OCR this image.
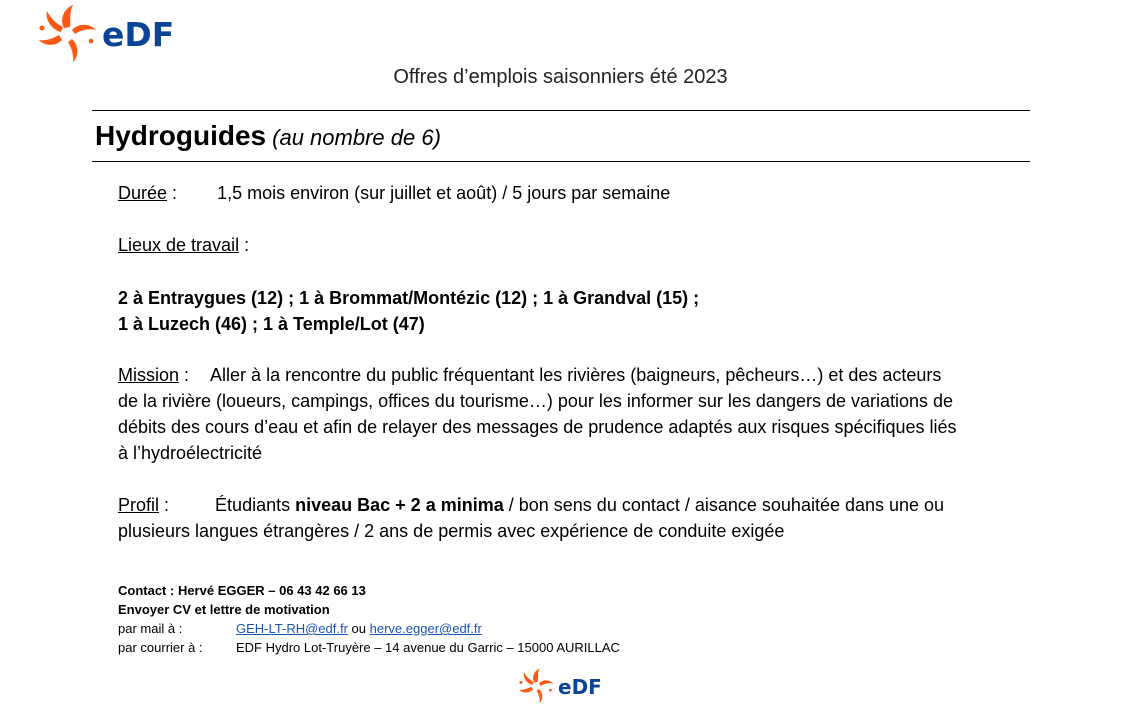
eDF
Offres d’emplois saisonniers été 2023
Hydroguides (au nombre de 6)
Durée : 1,5 mois environ (sur juillet et août) / 5 jours par semaine
Lieux de travail :
2 à Entraygues (12) ; 1 à Brommat/Montézic (12) ; 1 à Grandval (15) ;
1 à Luzech (46) ; 1 à Temple/Lot (47)
Mission : Aller à la rencontre du public fréquentant les rivières (baigneurs, pêcheurs…) et des acteurs
de la rivière (loueurs, campings, offices du tourisme…) pour les informer sur les dangers de variations de
débits des cours d’eau et afin de relayer des messages de prudence adaptés aux risques spécifiques liés
à l’hydroélectricité
Profil :	Étudiants niveau Bac + 2 a minima / bon sens du contact / aisance souhaitée dans une ou
plusieurs langues étrangères / 2 ans de permis avec expérience de conduite exigée
Contact : Hervé EGGER – 06 43 42 66 13
Envoyer CV et lettre de motivation
par mail à :	GEH-LT-RH@edf.fr ou herve.egger@edf.fr
par courrier à :	EDF Hydro Lot-Truyère – 14 avenue du Garric – 15000 AURILLAC
eDF
